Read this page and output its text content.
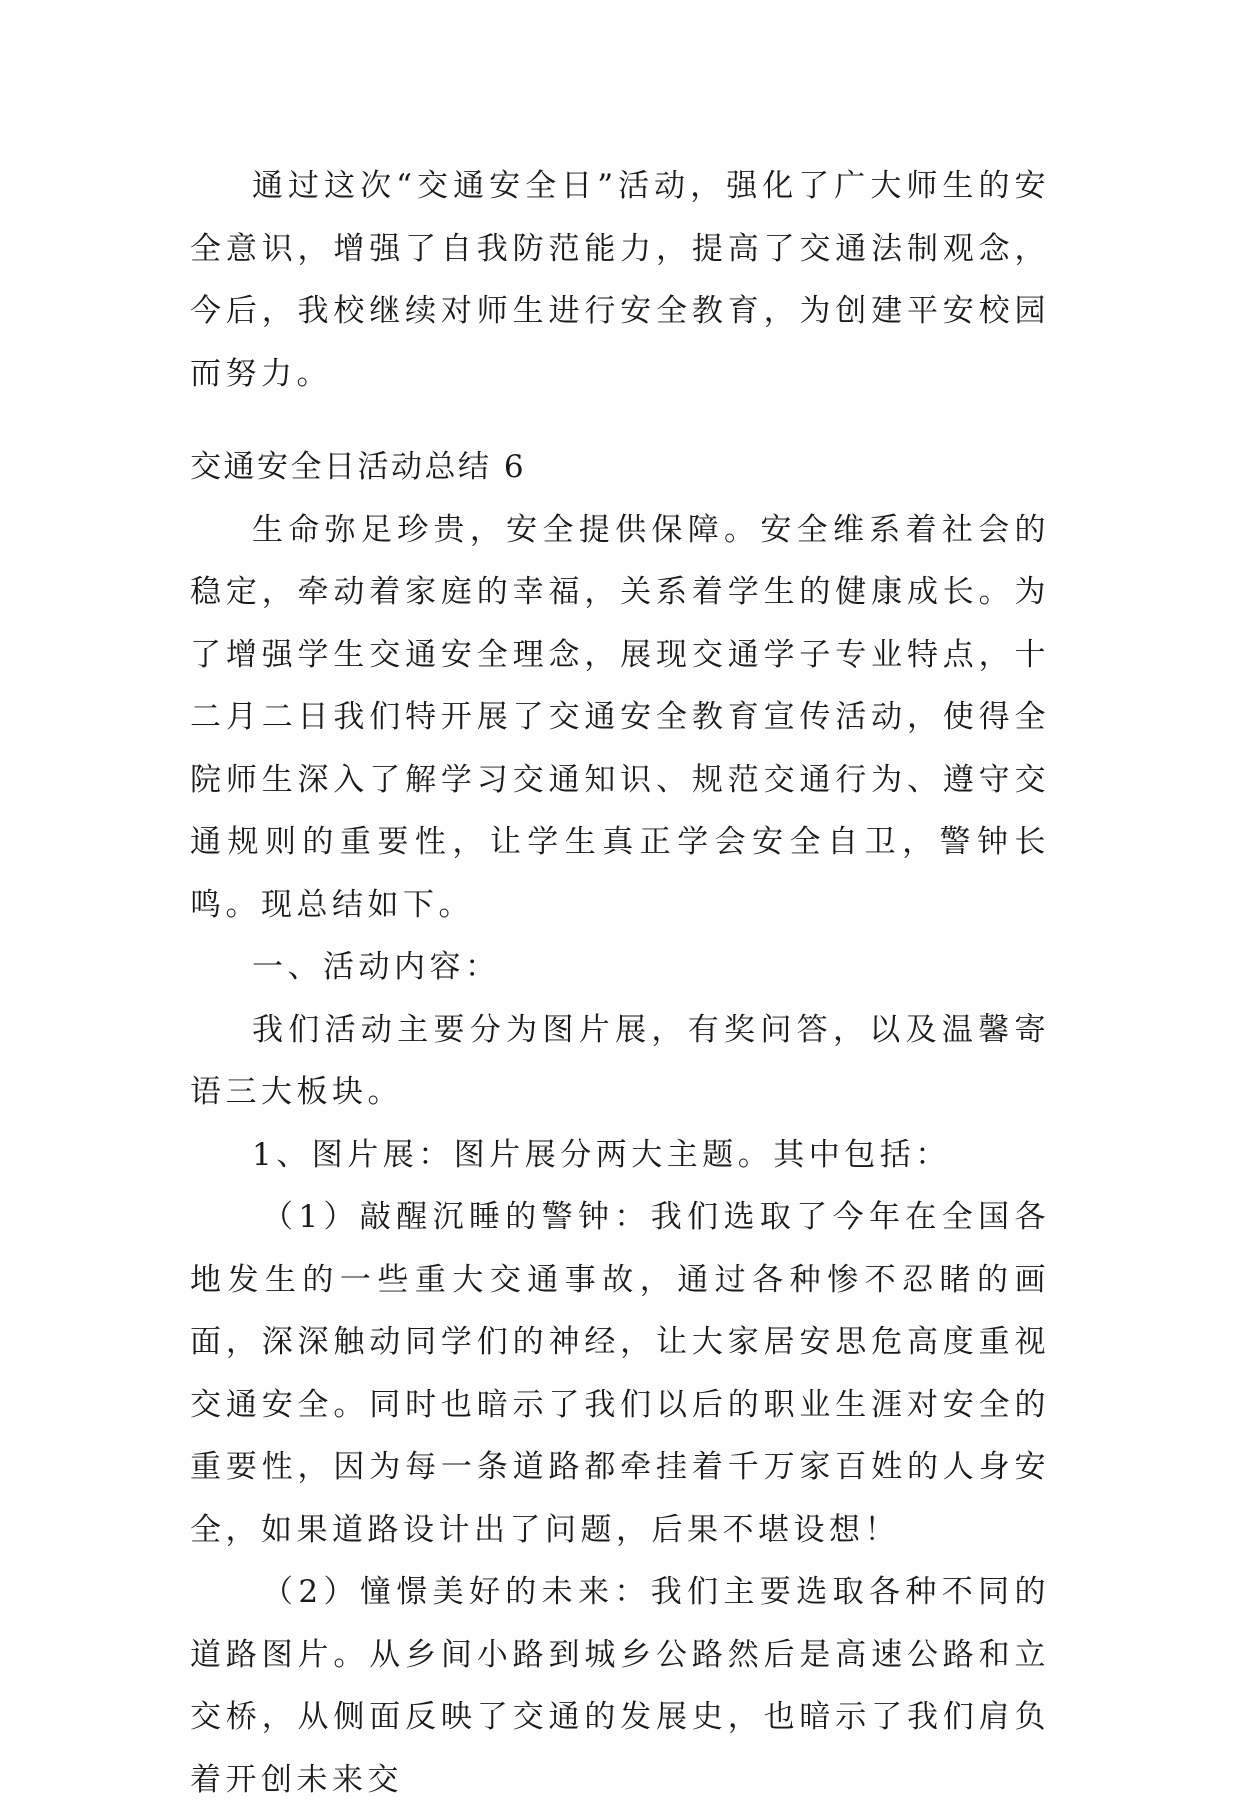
通过这次“交通安全日”活动，强化了广大师生的安全意识，增强了自我防范能力，提高了交通法制观念，今后，我校继续对师生进行安全教育，为创建平安校园而努力。

交通安全日活动总结 6

生命弥足珍贵，安全提供保障。安全维系着社会的稳定，牵动着家庭的幸福，关系着学生的健康成长。为了增强学生交通安全理念，展现交通学子专业特点，十二月二日我们特开展了交通安全教育宣传活动，使得全院师生深入了解学习交通知识、规范交通行为、遵守交通规则的重要性，让学生真正学会安全自卫，警钟长鸣。现总结如下。

一、活动内容：

我们活动主要分为图片展，有奖问答，以及温馨寄语三大板块。

1、图片展：图片展分两大主题。其中包括：

（1）敲醒沉睡的警钟：我们选取了今年在全国各地发生的一些重大交通事故，通过各种惨不忍睹的画面，深深触动同学们的神经，让大家居安思危高度重视交通安全。同时也暗示了我们以后的职业生涯对安全的重要性，因为每一条道路都牵挂着千万家百姓的人身安全，如果道路设计出了问题，后果不堪设想！

（2）憧憬美好的未来：我们主要选取各种不同的道路图片。从乡间小路到城乡公路然后是高速公路和立交桥，从侧面反映了交通的发展史，也暗示了我们肩负着开创未来交
